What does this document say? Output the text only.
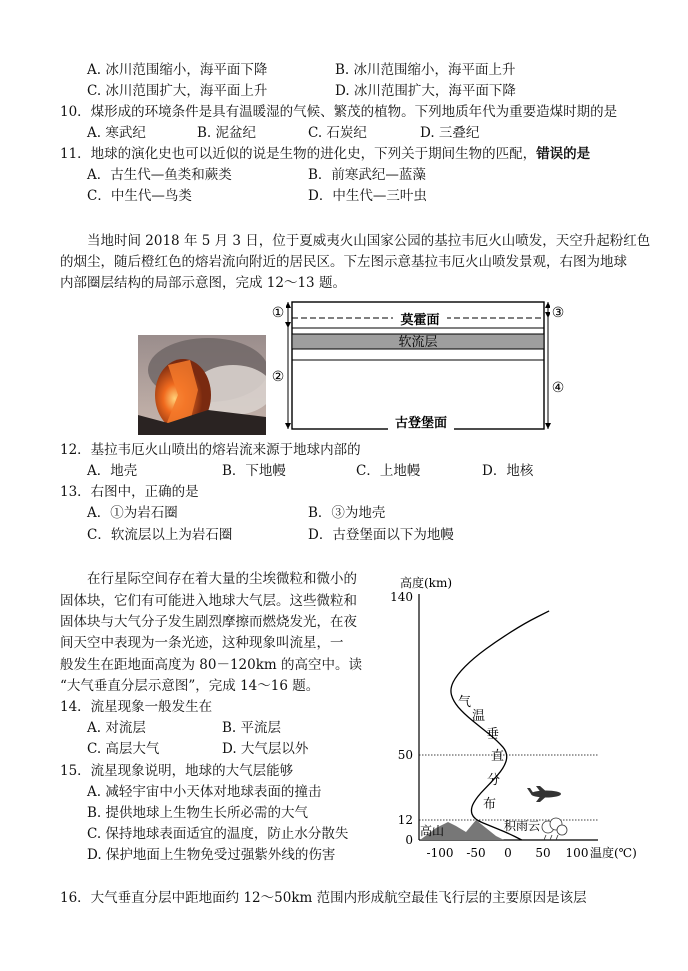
A. 冰川范围缩小，海平面下降	B. 冰川范围缩小，海平面上升
C. 冰川范围扩大，海平面上升	D. 冰川范围扩大，海平面下降
10．煤形成的环境条件是具有温暖湿的气候、繁茂的植物。下列地质年代为重要造煤时期的是
A. 寒武纪	B. 泥盆纪	C. 石炭纪	D. 三叠纪
11．地球的演化史也可以近似的说是生物的进化史，下列关于期间生物的匹配，错误的是
A．古生代—鱼类和蕨类	B．前寒武纪—蓝藻
C．中生代—鸟类	D．中生代—三叶虫
当地时间 2018 年 5 月 3 日，位于夏威夷火山国家公园的基拉韦厄火山喷发，天空升起粉红色
的烟尘，随后橙红色的熔岩流向附近的居民区。下左图示意基拉韦厄火山喷发景观，右图为地球
内部圈层结构的局部示意图，完成 12～13 题。
莫霍面
软流层
古登堡面
①
②
③
④
12．基拉韦厄火山喷出的熔岩流来源于地球内部的
A．地壳	B．下地幔	C．上地幔	D．地核
13．右图中，正确的是
A．①为岩石圈	B．③为地壳
C．软流层以上为岩石圈	D．古登堡面以下为地幔
在行星际空间存在着大量的尘埃微粒和微小的
固体块，它们有可能进入地球大气层。这些微粒和
固体块与大气分子发生剧烈摩擦而燃烧发光，在夜
间天空中表现为一条光迹，这种现象叫流星，一
般发生在距地面高度为 80－120km 的高空中。读
“大气垂直分层示意图”，完成 14～16 题。
14．流星现象一般发生在
A. 对流层	B. 平流层
C. 高层大气	D. 大气层以外
15．流星现象说明，地球的大气层能够
A. 减轻宇宙中小天体对地球表面的撞击
B. 提供地球上生物生长所必需的大气
C. 保持地球表面适宜的温度，防止水分散失
D. 保护地面上生物免受过强紫外线的伤害
16．大气垂直分层中距地面约 12～50km 范围内形成航空最佳飞行层的主要原因是该层
高度(km)
140
50
12
0
-100 -50 0 50 100 温度(℃)
高山	积雨云
气
温
垂
直
分
布
